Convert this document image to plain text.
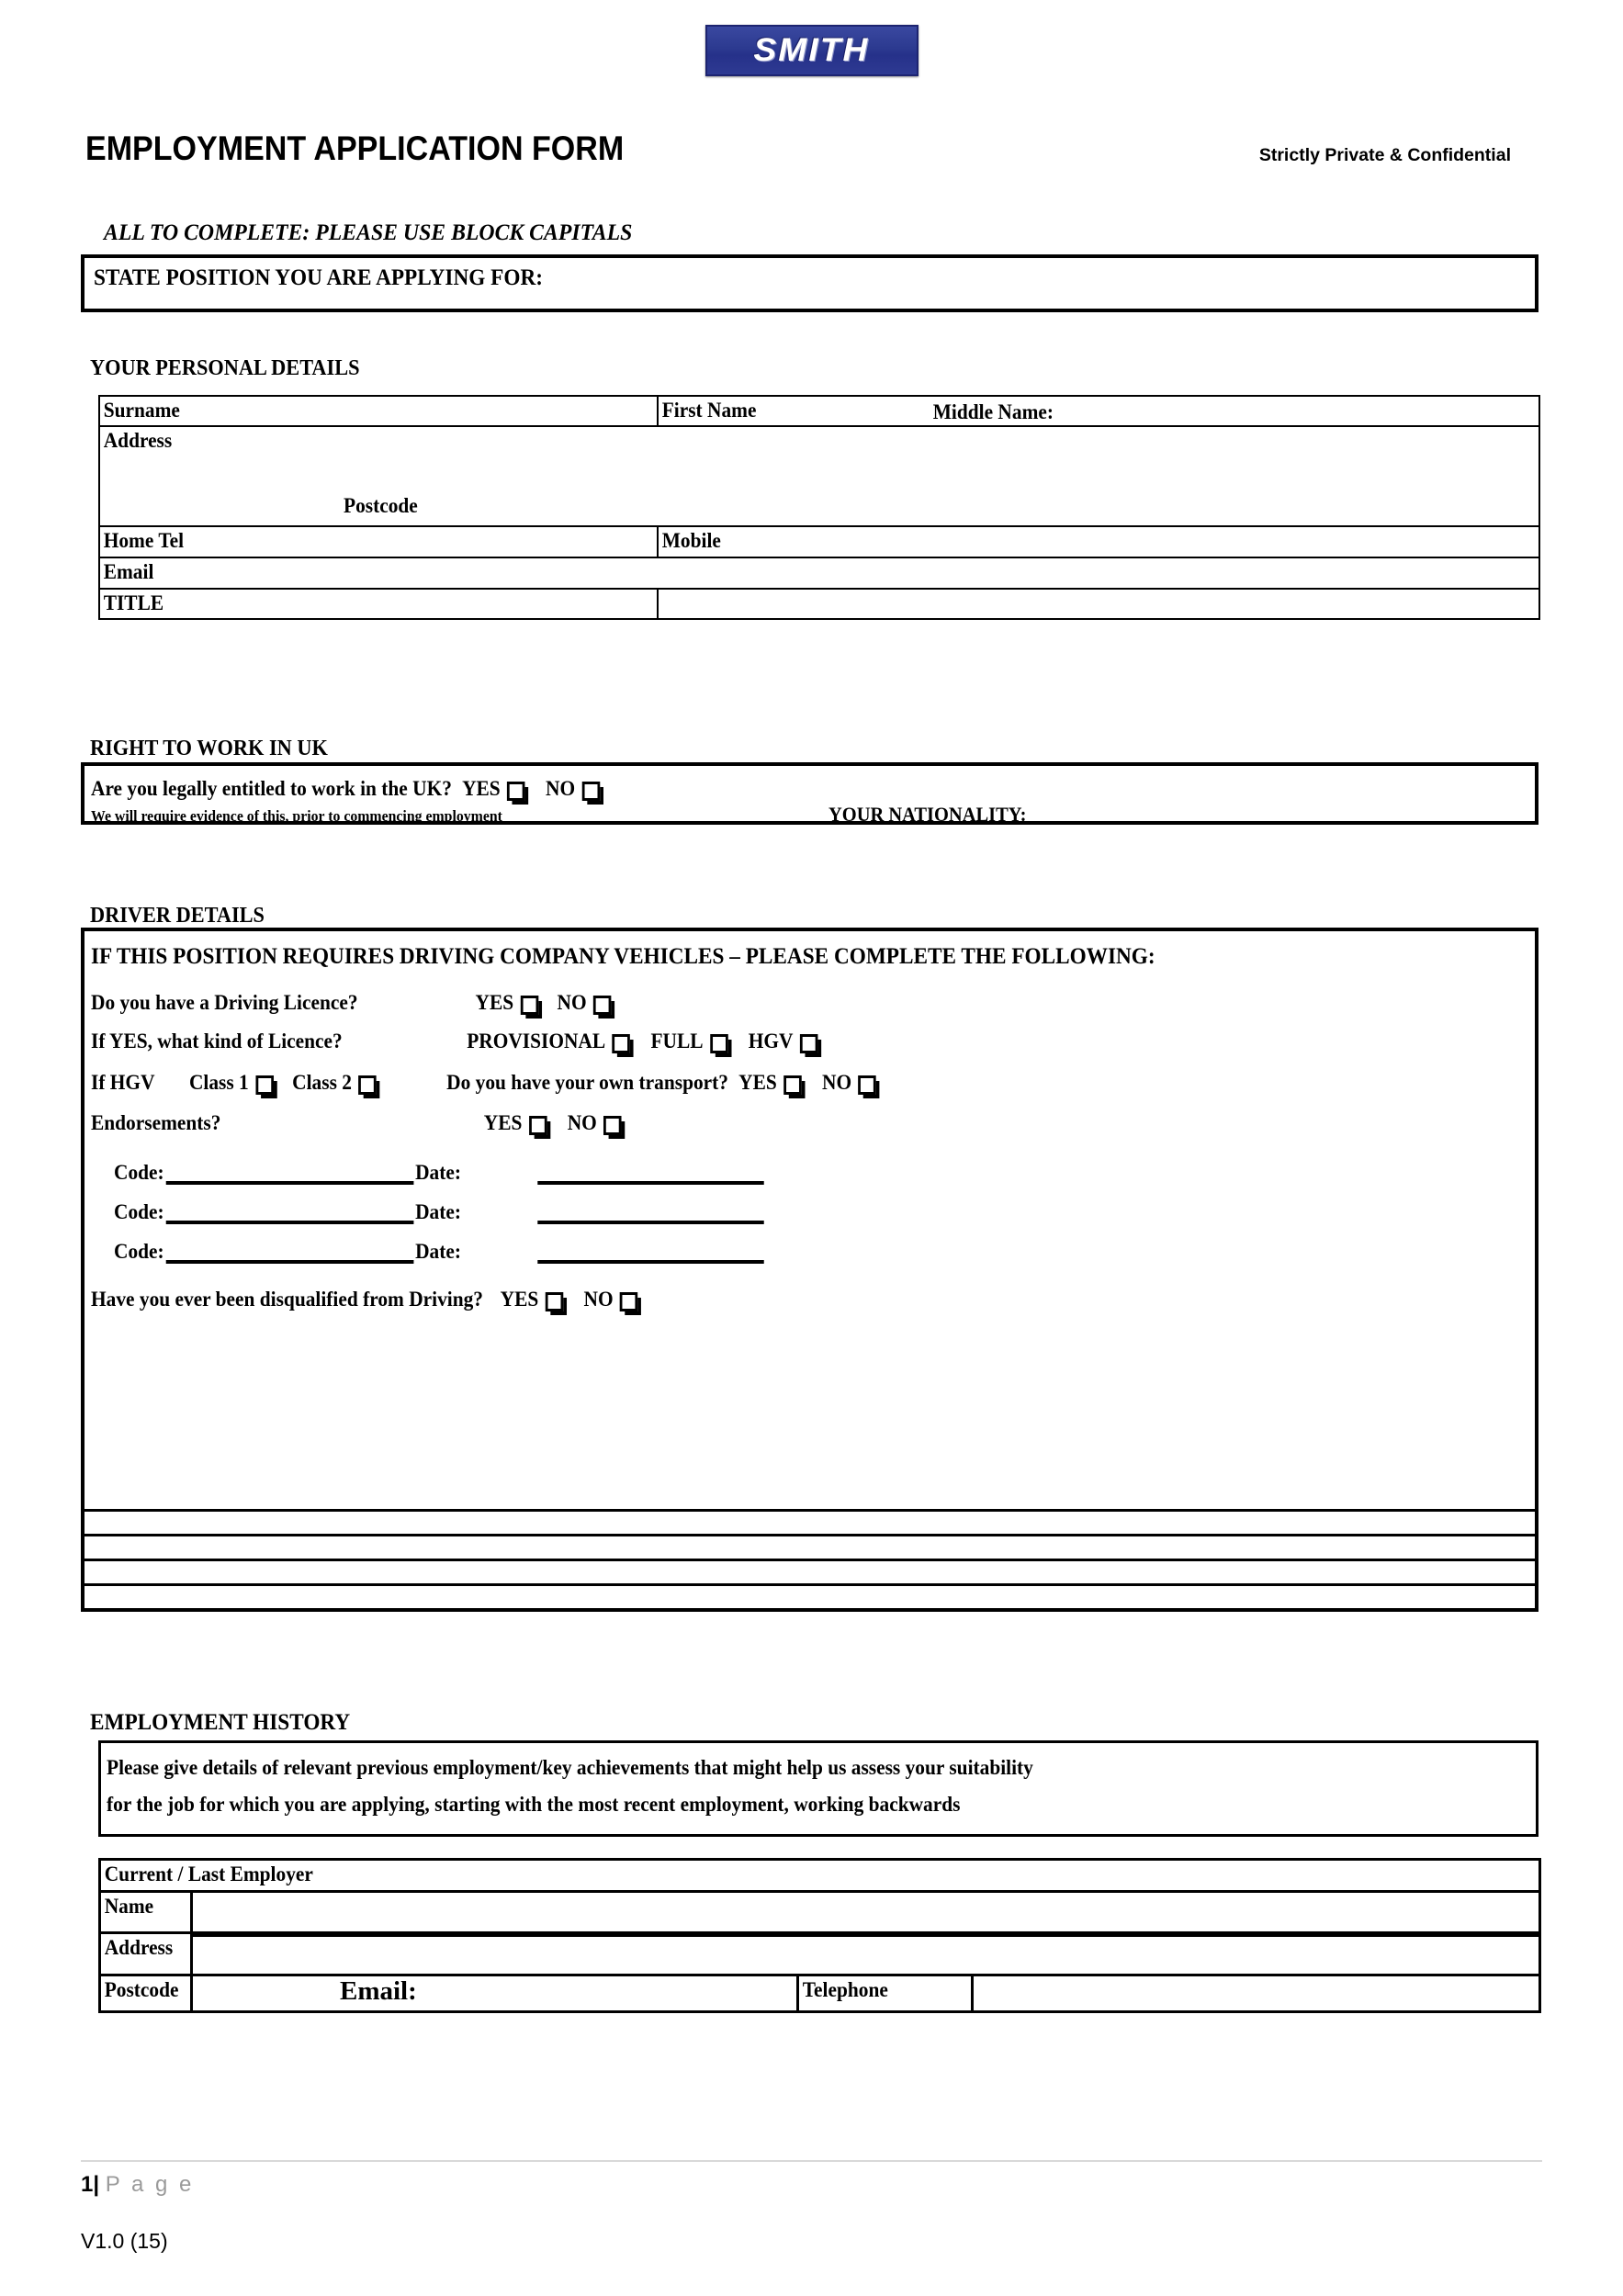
SMITH
EMPLOYMENT APPLICATION FORM	Strictly Private & Confidential
ALL TO COMPLETE: PLEASE USE BLOCK CAPITALS
STATE POSITION YOU ARE APPLYING FOR:
YOUR PERSONAL DETAILS
Surname	First Name Middle Name:

Address
Postcode	

Home Tel	Mobile
Email	
TITLE	
RIGHT TO WORK IN UK
Are you legally entitled to work in the UK? YES NO
We will require evidence of this, prior to commencing employment	YOUR NATIONALITY:
DRIVER DETAILS
IF THIS POSITION REQUIRES DRIVING COMPANY VEHICLES – PLEASE COMPLETE THE FOLLOWING:
Do you have a Driving Licence?	YES NO
If YES, what kind of Licence?	PROVISIONAL FULL HGV
If HGV	Class 1 Class 2	Do you have your own transport? YES NO
Endorsements?	YES NO
Code:	Date:
Code:	Date:
Code:	Date:
Have you ever been disqualified from Driving? YES NO
EMPLOYMENT HISTORY
Please give details of relevant previous employment/key achievements that might help us assess your suitability
for the job for which you are applying, starting with the most recent employment, working backwards
Current / Last Employer			
Name			
Address			

Postcode	Email:	Telephone	
1| P a g e
V1.0 (15)
